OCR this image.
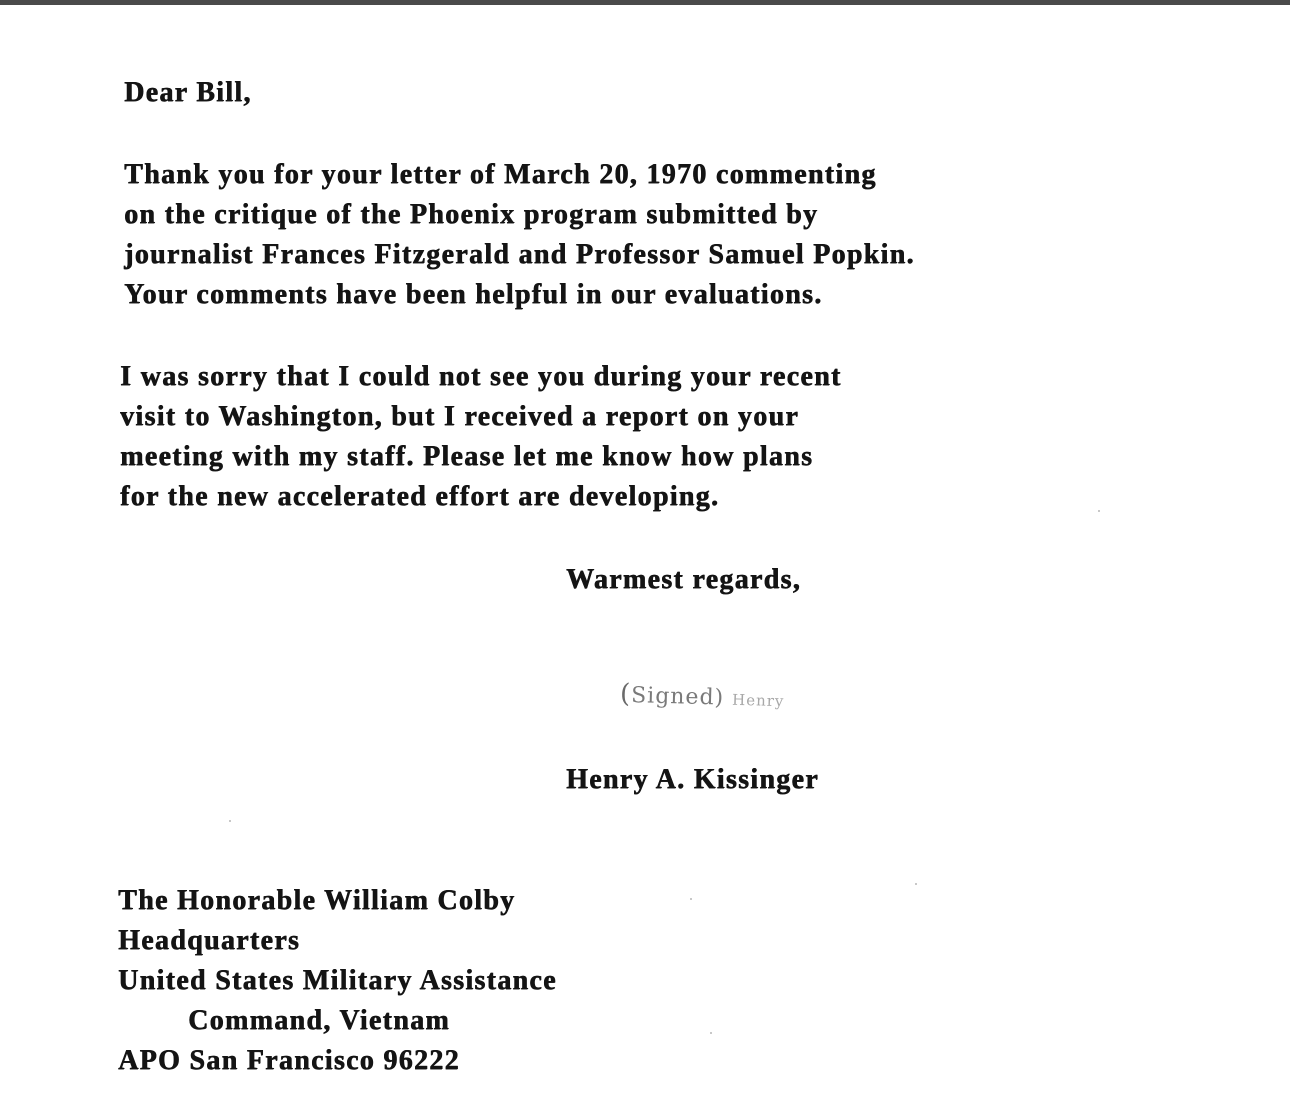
Dear Bill,

Thank you for your letter of March 20, 1970 commenting
on the critique of the Phoenix program submitted by
journalist Frances Fitzgerald and Professor Samuel Popkin.
Your comments have been helpful in our evaluations.
I was sorry that I could not see you during your recent
visit to Washington, but I received a report on your
meeting with my staff. Please let me know how plans
for the new accelerated effort are developing.

Warmest regards,

(Signed) Henry

Henry A. Kissinger

The Honorable William Colby
Headquarters
United States Military Assistance
Command, Vietnam
APO San Francisco 96222
